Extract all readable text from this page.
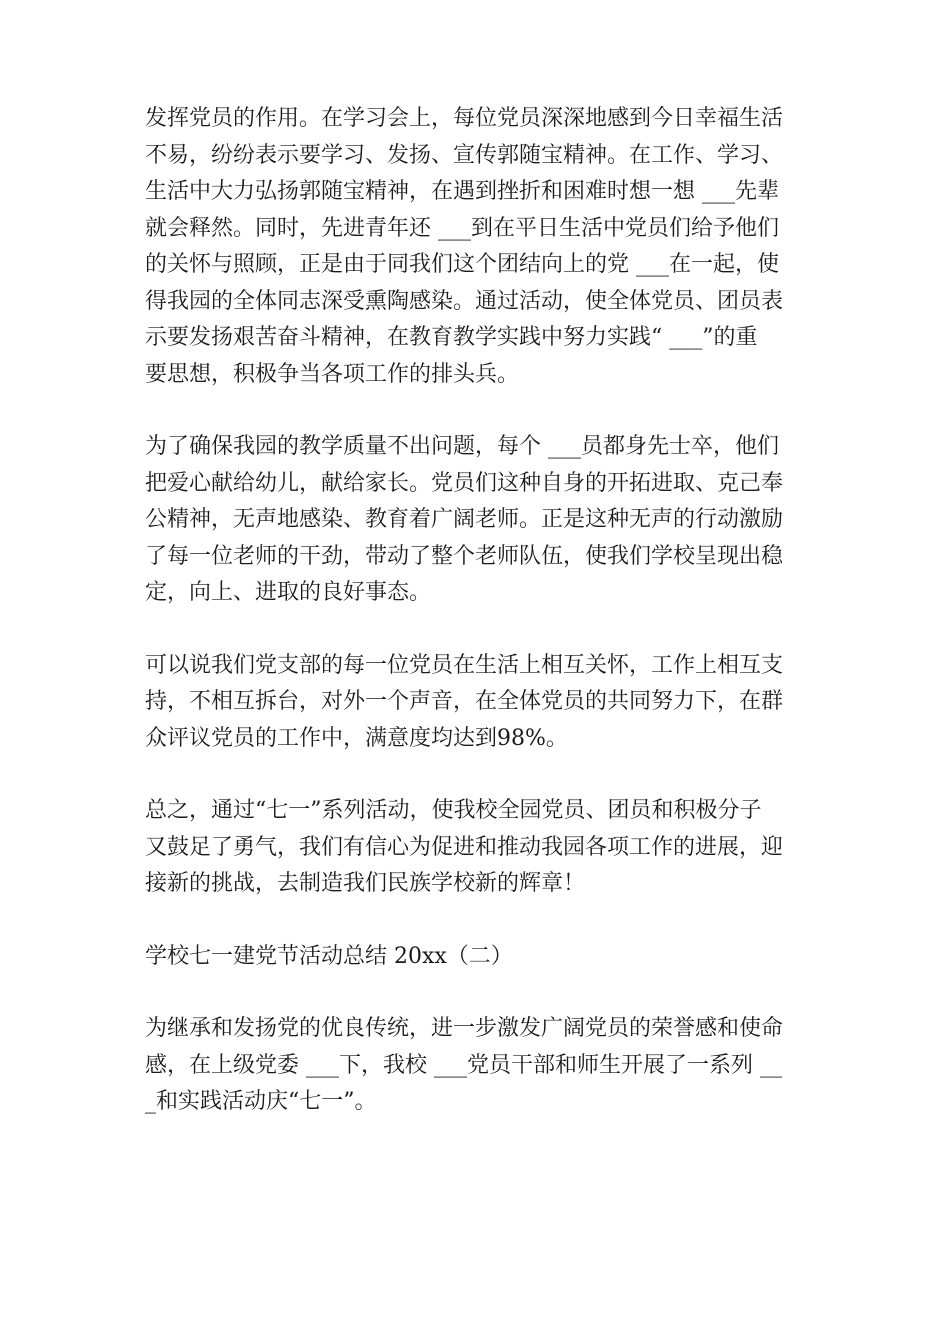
发挥党员的作用。在学习会上，每位党员深深地感到今日幸福生活
不易，纷纷表示要学习、发扬、宣传郭随宝精神。在工作、学习、
生活中大力弘扬郭随宝精神，在遇到挫折和困难时想一想 ___先辈
就会释然。同时，先进青年还 ___到在平日生活中党员们给予他们
的关怀与照顾，正是由于同我们这个团结向上的党 ___在一起，使
得我园的全体同志深受熏陶感染。通过活动，使全体党员、团员表
示要发扬艰苦奋斗精神，在教育教学实践中努力实践“ ___”的重
要思想，积极争当各项工作的排头兵。

为了确保我园的教学质量不出问题，每个 ___员都身先士卒，他们
把爱心献给幼儿，献给家长。党员们这种自身的开拓进取、克己奉
公精神，无声地感染、教育着广阔老师。正是这种无声的行动激励
了每一位老师的干劲，带动了整个老师队伍，使我们学校呈现出稳
定，向上、进取的良好事态。

可以说我们党支部的每一位党员在生活上相互关怀，工作上相互支
持，不相互拆台，对外一个声音，在全体党员的共同努力下，在群
众评议党员的工作中，满意度均达到98%。

总之，通过“七一”系列活动，使我校全园党员、团员和积极分子
又鼓足了勇气，我们有信心为促进和推动我园各项工作的进展，迎
接新的挑战，去制造我们民族学校新的辉章！

学校七一建党节活动总结 20xx（二）

为继承和发扬党的优良传统，进一步激发广阔党员的荣誉感和使命
感，在上级党委 ___下，我校 ___党员干部和师生开展了一系列 __
_和实践活动庆“七一”。
